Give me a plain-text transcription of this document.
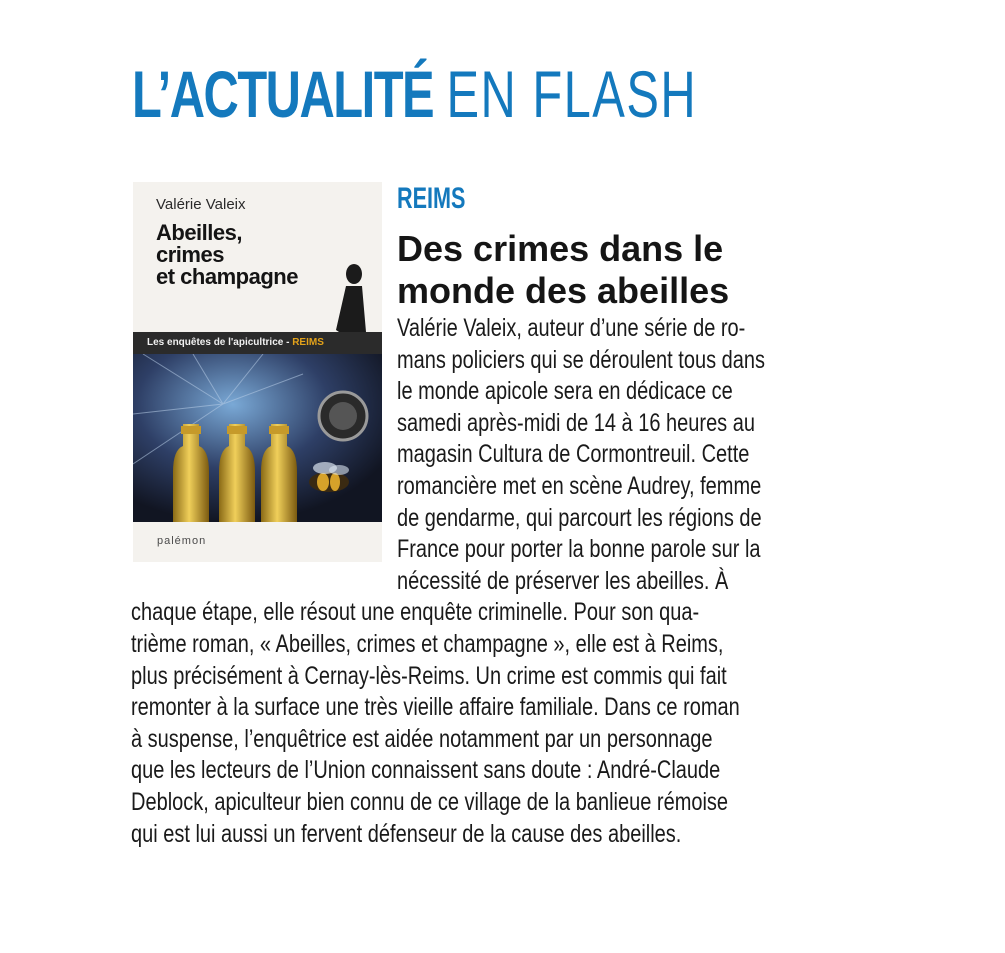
L’ACTUALITÉ EN FLASH
Valérie Valeix
Abeilles,
crimes
et champagne
Les enquêtes de l'apicultrice - REIMS
palémon
REIMS
Des crimes dans le
monde des abeilles
Valérie Valeix, auteur d’une série de ro-
mans policiers qui se déroulent tous dans
le monde apicole sera en dédicace ce
samedi après-midi de 14 à 16 heures au
magasin Cultura de Cormontreuil. Cette
romancière met en scène Audrey, femme
de gendarme, qui parcourt les régions de
France pour porter la bonne parole sur la
nécessité de préserver les abeilles. À
chaque étape, elle résout une enquête criminelle. Pour son qua-
trième roman, « Abeilles, crimes et champagne », elle est à Reims,
plus précisément à Cernay-lès-Reims. Un crime est commis qui fait
remonter à la surface une très vieille affaire familiale. Dans ce roman
à suspense, l’enquêtrice est aidée notamment par un personnage
que les lecteurs de l’Union connaissent sans doute : André-Claude
Deblock, apiculteur bien connu de ce village de la banlieue rémoise
qui est lui aussi un fervent défenseur de la cause des abeilles.
